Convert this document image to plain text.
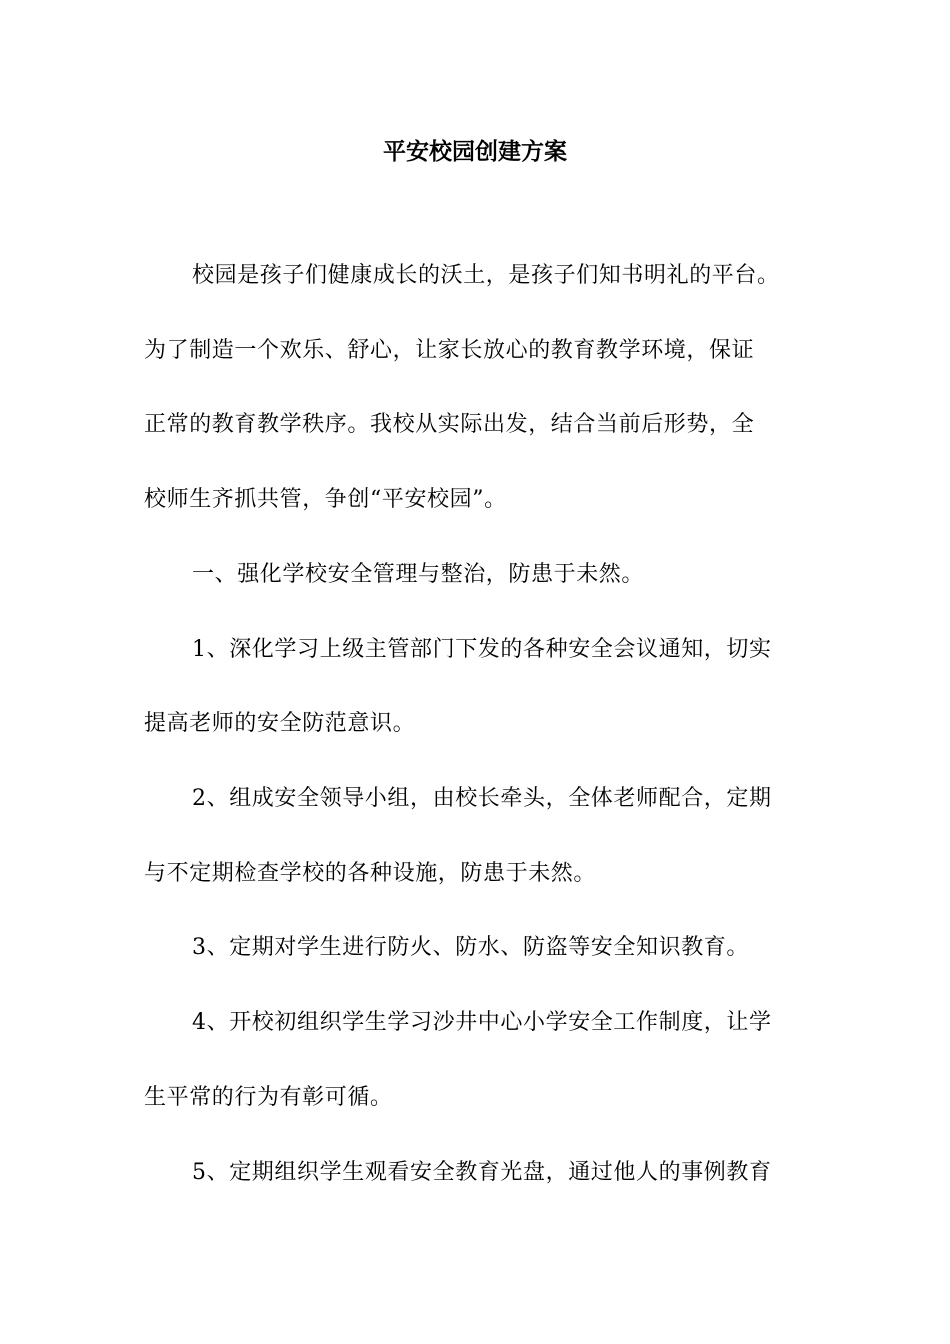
平安校园创建方案
校园是孩子们健康成长的沃土，是孩子们知书明礼的平台。
为了制造一个欢乐、舒心，让家长放心的教育教学环境，保证
正常的教育教学秩序。我校从实际出发，结合当前后形势，全
校师生齐抓共管，争创“平安校园”。
一、强化学校安全管理与整治，防患于未然。
1、深化学习上级主管部门下发的各种安全会议通知，切实
提高老师的安全防范意识。
2、组成安全领导小组，由校长牵头，全体老师配合，定期
与不定期检查学校的各种设施，防患于未然。
3、定期对学生进行防火、防水、防盗等安全知识教育。
4、开校初组织学生学习沙井中心小学安全工作制度，让学
生平常的行为有彰可循。
5、定期组织学生观看安全教育光盘，通过他人的事例教育
